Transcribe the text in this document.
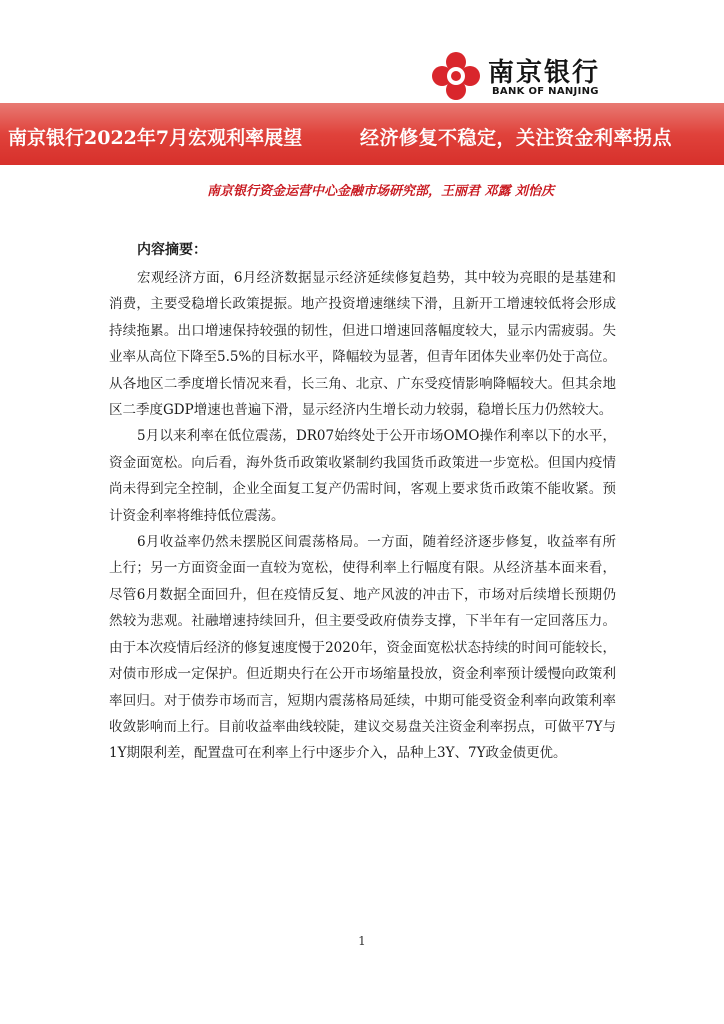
南京银行
BANK OF NANJING
南京银行2022年7月宏观利率展望	经济修复不稳定，关注资金利率拐点
南京银行资金运营中心金融市场研究部，王丽君 邓露 刘怡庆
内容摘要：

宏观经济方面，6月经济数据显示经济延续修复趋势，其中较为亮眼的是基建和消费，主要受稳增长政策提振。地产投资增速继续下滑，且新开工增速较低将会形成持续拖累。出口增速保持较强的韧性，但进口增速回落幅度较大，显示内需疲弱。失业率从高位下降至5.5%的目标水平，降幅较为显著，但青年团体失业率仍处于高位。从各地区二季度增长情况来看，长三角、北京、广东受疫情影响降幅较大。但其余地区二季度GDP增速也普遍下滑，显示经济内生增长动力较弱，稳增长压力仍然较大。

5月以来利率在低位震荡，DR07始终处于公开市场OMO操作利率以下的水平，资金面宽松。向后看，海外货币政策收紧制约我国货币政策进一步宽松。但国内疫情尚未得到完全控制，企业全面复工复产仍需时间，客观上要求货币政策不能收紧。预计资金利率将维持低位震荡。

6月收益率仍然未摆脱区间震荡格局。一方面，随着经济逐步修复，收益率有所上行；另一方面资金面一直较为宽松，使得利率上行幅度有限。从经济基本面来看，尽管6月数据全面回升，但在疫情反复、地产风波的冲击下，市场对后续增长预期仍然较为悲观。社融增速持续回升，但主要受政府债券支撑，下半年有一定回落压力。由于本次疫情后经济的修复速度慢于2020年，资金面宽松状态持续的时间可能较长，对债市形成一定保护。但近期央行在公开市场缩量投放，资金利率预计缓慢向政策利率回归。对于债券市场而言，短期内震荡格局延续，中期可能受资金利率向政策利率收敛影响而上行。目前收益率曲线较陡，建议交易盘关注资金利率拐点，可做平7Y与1Y期限利差，配置盘可在利率上行中逐步介入，品种上3Y、7Y政金债更优。

1
